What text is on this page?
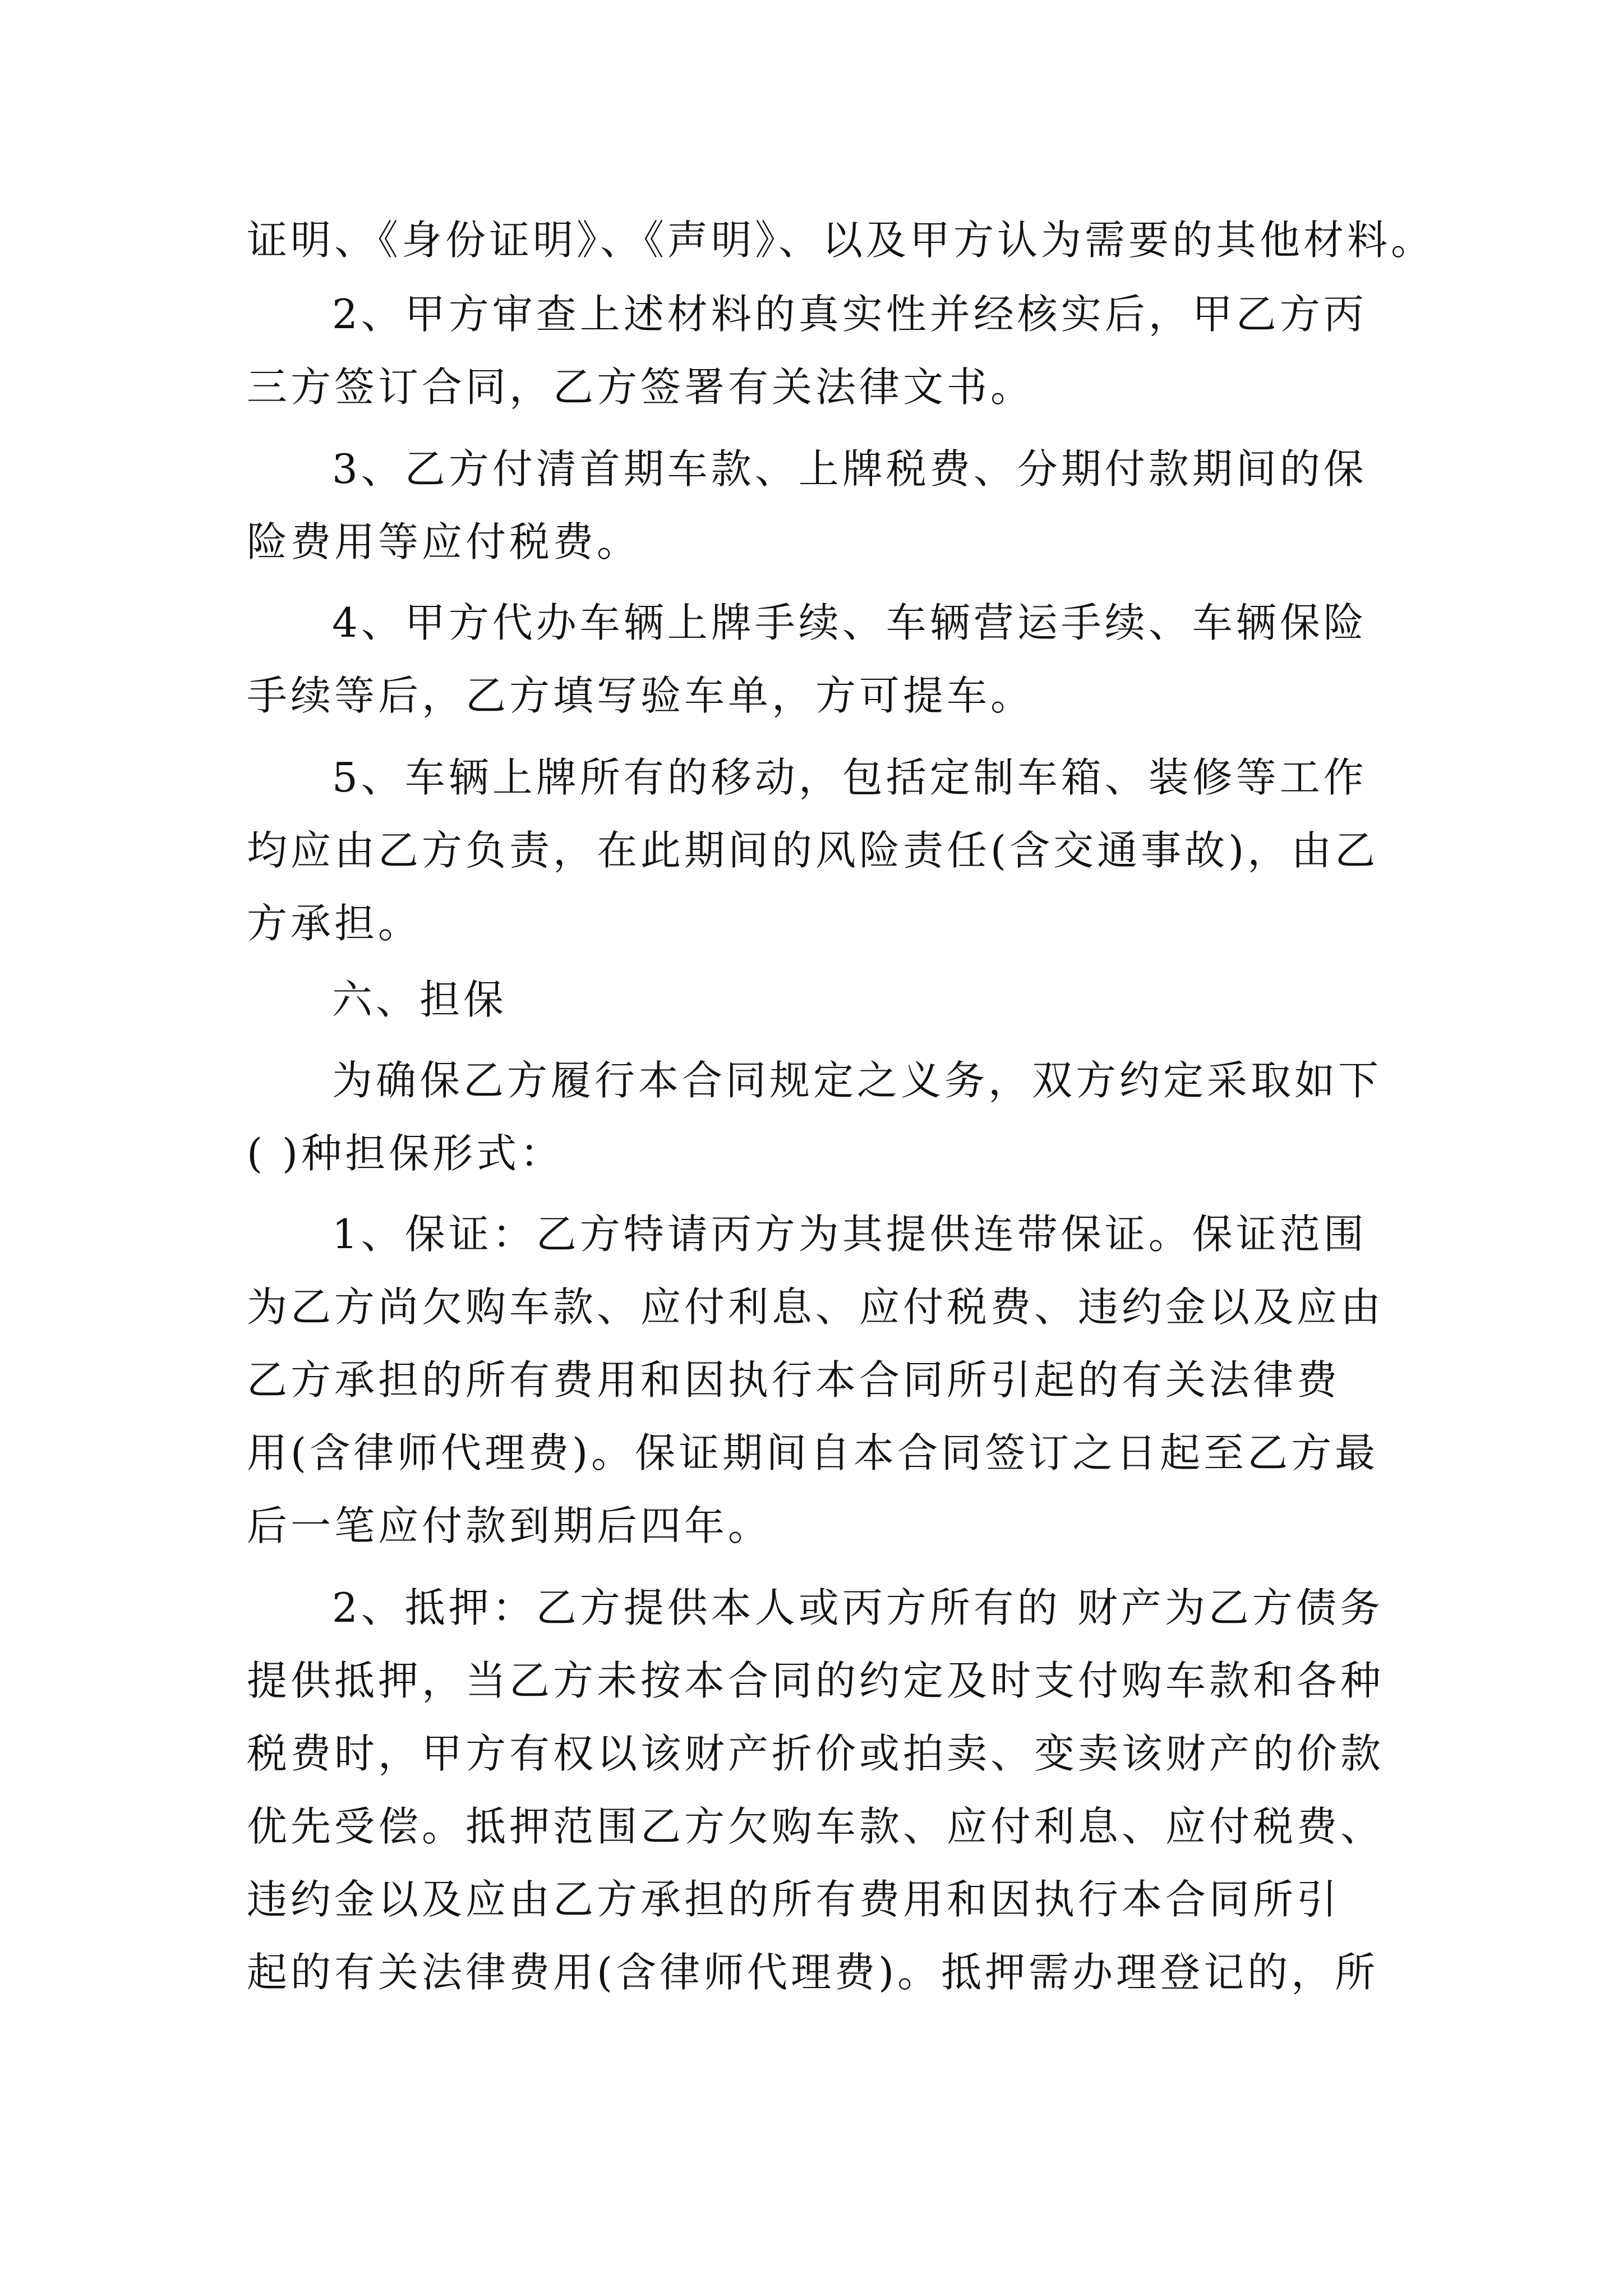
证明、《身份证明》、《声明》、以及甲方认为需要的其他材料。
2、甲方审查上述材料的真实性并经核实后，甲乙方丙
三方签订合同，乙方签署有关法律文书。
3、乙方付清首期车款、上牌税费、分期付款期间的保
险费用等应付税费。
4、甲方代办车辆上牌手续、车辆营运手续、车辆保险
手续等后，乙方填写验车单，方可提车。
5、车辆上牌所有的移动，包括定制车箱、装修等工作
均应由乙方负责，在此期间的风险责任(含交通事故)，由乙
方承担。
六、担保
为确保乙方履行本合同规定之义务，双方约定采取如下
( )种担保形式：
1、保证：乙方特请丙方为其提供连带保证。保证范围
为乙方尚欠购车款、应付利息、应付税费、违约金以及应由
乙方承担的所有费用和因执行本合同所引起的有关法律费
用(含律师代理费)。保证期间自本合同签订之日起至乙方最
后一笔应付款到期后四年。
2、抵押：乙方提供本人或丙方所有的 财产为乙方债务
提供抵押，当乙方未按本合同的约定及时支付购车款和各种
税费时，甲方有权以该财产折价或拍卖、变卖该财产的价款
优先受偿。抵押范围乙方欠购车款、应付利息、应付税费、
违约金以及应由乙方承担的所有费用和因执行本合同所引
起的有关法律费用(含律师代理费)。抵押需办理登记的，所
